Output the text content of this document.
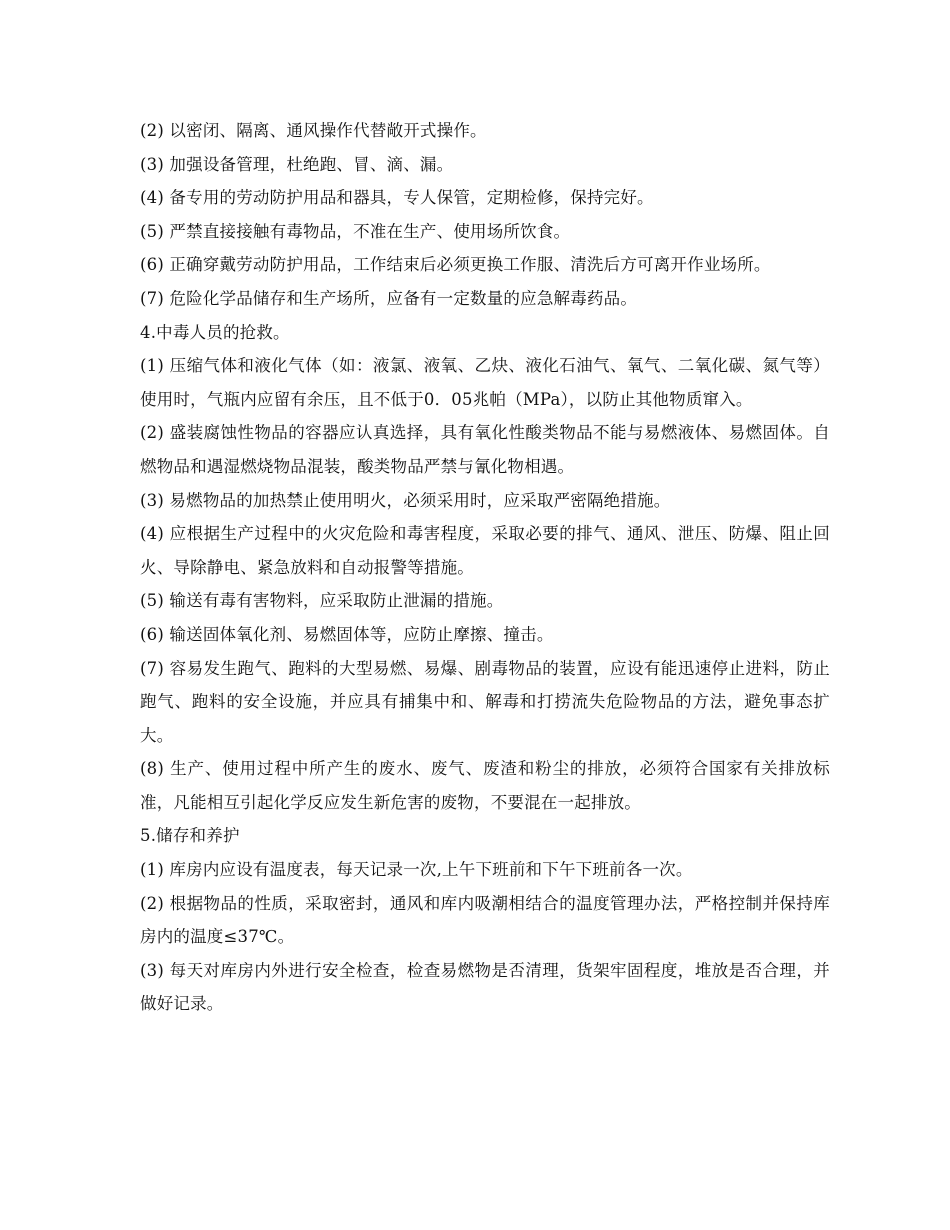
(2) 以密闭、隔离、通风操作代替敞开式操作。

(3) 加强设备管理，杜绝跑、冒、滴、漏。

(4) 备专用的劳动防护用品和器具，专人保管，定期检修，保持完好。

(5) 严禁直接接触有毒物品，不准在生产、使用场所饮食。

(6) 正确穿戴劳动防护用品，工作结束后必须更换工作服、清洗后方可离开作业场所。

(7) 危险化学品储存和生产场所，应备有一定数量的应急解毒药品。

4.中毒人员的抢救。

(1) 压缩气体和液化气体（如：液氯、液氧、乙炔、液化石油气、氧气、二氧化碳、氮气等）使用时，气瓶内应留有余压，且不低于0．05兆帕（MPa），以防止其他物质窜入。

(2) 盛装腐蚀性物品的容器应认真选择，具有氧化性酸类物品不能与易燃液体、易燃固体。自燃物品和遇湿燃烧物品混装，酸类物品严禁与氰化物相遇。

(3) 易燃物品的加热禁止使用明火，必须采用时，应采取严密隔绝措施。

(4) 应根据生产过程中的火灾危险和毒害程度，采取必要的排气、通风、泄压、防爆、阻止回火、导除静电、紧急放料和自动报警等措施。

(5) 输送有毒有害物料，应采取防止泄漏的措施。

(6) 输送固体氧化剂、易燃固体等，应防止摩擦、撞击。

(7) 容易发生跑气、跑料的大型易燃、易爆、剧毒物品的装置，应设有能迅速停止进料，防止跑气、跑料的安全设施，并应具有捕集中和、解毒和打捞流失危险物品的方法，避免事态扩大。

(8) 生产、使用过程中所产生的废水、废气、废渣和粉尘的排放，必须符合国家有关排放标准，凡能相互引起化学反应发生新危害的废物，不要混在一起排放。

5.储存和养护

(1) 库房内应设有温度表，每天记录一次,上午下班前和下午下班前各一次。

(2) 根据物品的性质，采取密封，通风和库内吸潮相结合的温度管理办法，严格控制并保持库房内的温度≤37℃。

(3) 每天对库房内外进行安全检查，检查易燃物是否清理，货架牢固程度，堆放是否合理，并做好记录。
